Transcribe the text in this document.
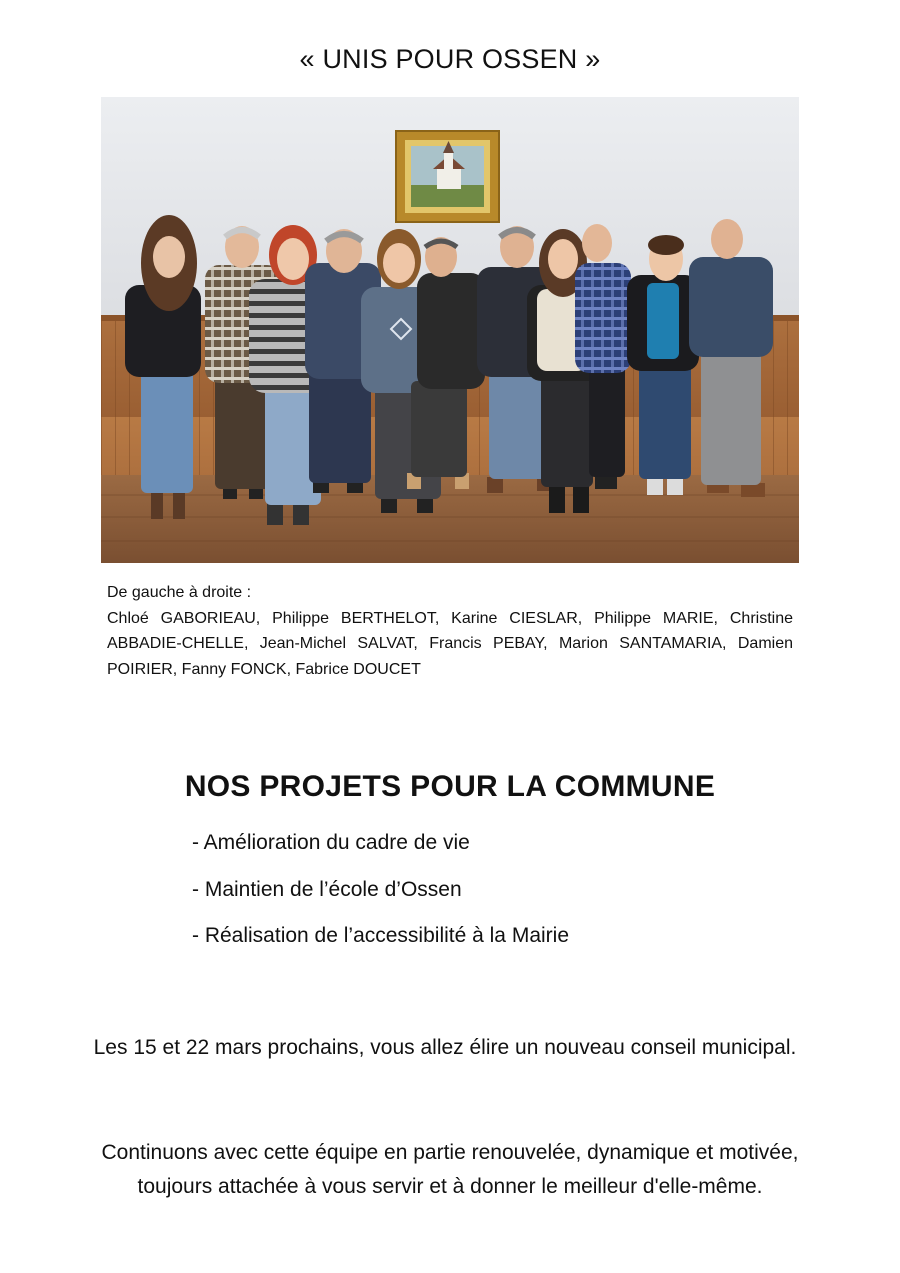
« UNIS POUR OSSEN »
De gauche à droite :
Chloé GABORIEAU, Philippe BERTHELOT, Karine CIESLAR, Philippe MARIE, Christine ABBADIE-CHELLE, Jean-Michel SALVAT, Francis PEBAY, Marion SANTAMARIA, Damien POIRIER, Fanny FONCK, Fabrice DOUCET
NOS PROJETS POUR LA COMMUNE
- Amélioration du cadre de vie
- Maintien de l’école d’Ossen
- Réalisation de l’accessibilité à la Mairie
Les 15 et 22 mars prochains, vous allez élire un nouveau conseil municipal.
Continuons avec cette équipe en partie renouvelée, dynamique et motivée,
toujours attachée à vous servir et à donner le meilleur d'elle-même.
